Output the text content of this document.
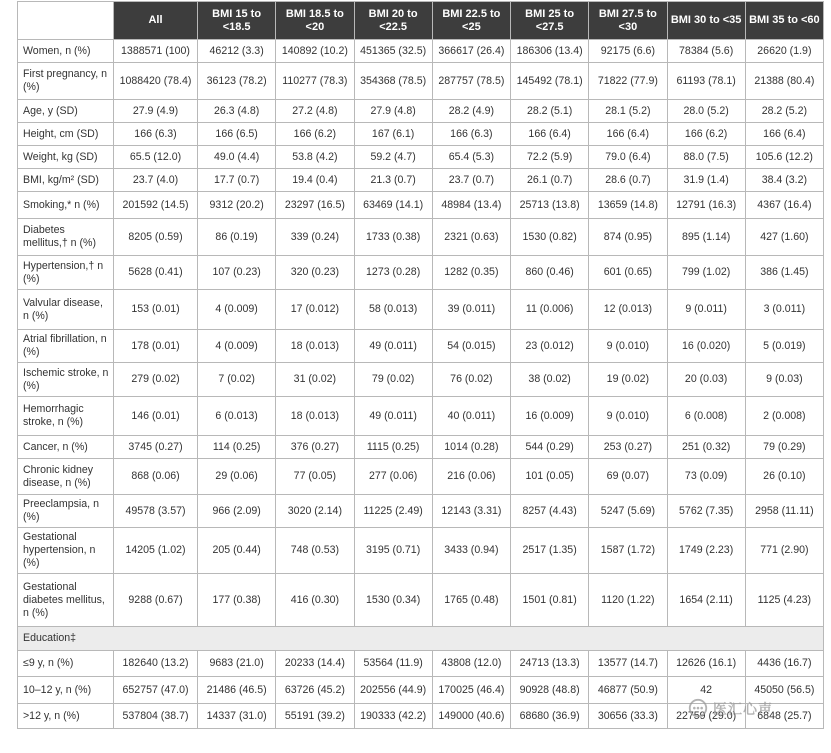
	All	BMI 15 to <18.5	BMI 18.5 to <20	BMI 20 to <22.5	BMI 22.5 to <25	BMI 25 to <27.5	BMI 27.5 to <30	BMI 30 to <35	BMI 35 to <60
Women, n (%)	1388571 (100)	46212 (3.3)	140892 (10.2)	451365 (32.5)	366617 (26.4)	186306 (13.4)	92175 (6.6)	78384 (5.6)	26620 (1.9)
First pregnancy, n (%)	1088420 (78.4)	36123 (78.2)	110277 (78.3)	354368 (78.5)	287757 (78.5)	145492 (78.1)	71822 (77.9)	61193 (78.1)	21388 (80.4)
Age, y (SD)	27.9 (4.9)	26.3 (4.8)	27.2 (4.8)	27.9 (4.8)	28.2 (4.9)	28.2 (5.1)	28.1 (5.2)	28.0 (5.2)	28.2 (5.2)
Height, cm (SD)	166 (6.3)	166 (6.5)	166 (6.2)	167 (6.1)	166 (6.3)	166 (6.4)	166 (6.4)	166 (6.2)	166 (6.4)
Weight, kg (SD)	65.5 (12.0)	49.0 (4.4)	53.8 (4.2)	59.2 (4.7)	65.4 (5.3)	72.2 (5.9)	79.0 (6.4)	88.0 (7.5)	105.6 (12.2)
BMI, kg/m² (SD)	23.7 (4.0)	17.7 (0.7)	19.4 (0.4)	21.3 (0.7)	23.7 (0.7)	26.1 (0.7)	28.6 (0.7)	31.9 (1.4)	38.4 (3.2)
Smoking,* n (%)	201592 (14.5)	9312 (20.2)	23297 (16.5)	63469 (14.1)	48984 (13.4)	25713 (13.8)	13659 (14.8)	12791 (16.3)	4367 (16.4)
Diabetes mellitus,† n (%)	8205 (0.59)	86 (0.19)	339 (0.24)	1733 (0.38)	2321 (0.63)	1530 (0.82)	874 (0.95)	895 (1.14)	427 (1.60)
Hypertension,† n (%)	5628 (0.41)	107 (0.23)	320 (0.23)	1273 (0.28)	1282 (0.35)	860 (0.46)	601 (0.65)	799 (1.02)	386 (1.45)
Valvular disease, n (%)	153 (0.01)	4 (0.009)	17 (0.012)	58 (0.013)	39 (0.011)	11 (0.006)	12 (0.013)	9 (0.011)	3 (0.011)
Atrial fibrillation, n (%)	178 (0.01)	4 (0.009)	18 (0.013)	49 (0.011)	54 (0.015)	23 (0.012)	9 (0.010)	16 (0.020)	5 (0.019)
Ischemic stroke, n (%)	279 (0.02)	7 (0.02)	31 (0.02)	79 (0.02)	76 (0.02)	38 (0.02)	19 (0.02)	20 (0.03)	9 (0.03)
Hemorrhagic stroke, n (%)	146 (0.01)	6 (0.013)	18 (0.013)	49 (0.011)	40 (0.011)	16 (0.009)	9 (0.010)	6 (0.008)	2 (0.008)
Cancer, n (%)	3745 (0.27)	114 (0.25)	376 (0.27)	1115 (0.25)	1014 (0.28)	544 (0.29)	253 (0.27)	251 (0.32)	79 (0.29)
Chronic kidney disease, n (%)	868 (0.06)	29 (0.06)	77 (0.05)	277 (0.06)	216 (0.06)	101 (0.05)	69 (0.07)	73 (0.09)	26 (0.10)
Preeclampsia, n (%)	49578 (3.57)	966 (2.09)	3020 (2.14)	11225 (2.49)	12143 (3.31)	8257 (4.43)	5247 (5.69)	5762 (7.35)	2958 (11.11)
Gestational hypertension, n (%)	14205 (1.02)	205 (0.44)	748 (0.53)	3195 (0.71)	3433 (0.94)	2517 (1.35)	1587 (1.72)	1749 (2.23)	771 (2.90)
Gestational diabetes mellitus, n (%)	9288 (0.67)	177 (0.38)	416 (0.30)	1530 (0.34)	1765 (0.48)	1501 (0.81)	1120 (1.22)	1654 (2.11)	1125 (4.23)
Education‡									
≤9 y, n (%)	182640 (13.2)	9683 (21.0)	20233 (14.4)	53564 (11.9)	43808 (12.0)	24713 (13.3)	13577 (14.7)	12626 (16.1)	4436 (16.7)
10–12 y, n (%)	652757 (47.0)	21486 (46.5)	63726 (45.2)	202556 (44.9)	170025 (46.4)	90928 (48.8)	46877 (50.9)	42	45050 (56.5)
>12 y, n (%)	537804 (38.7)	14337 (31.0)	55191 (39.2)	190333 (42.2)	149000 (40.6)	68680 (36.9)	30656 (33.3)	22759 (29.0)	6848 (25.7)
医汇心声
